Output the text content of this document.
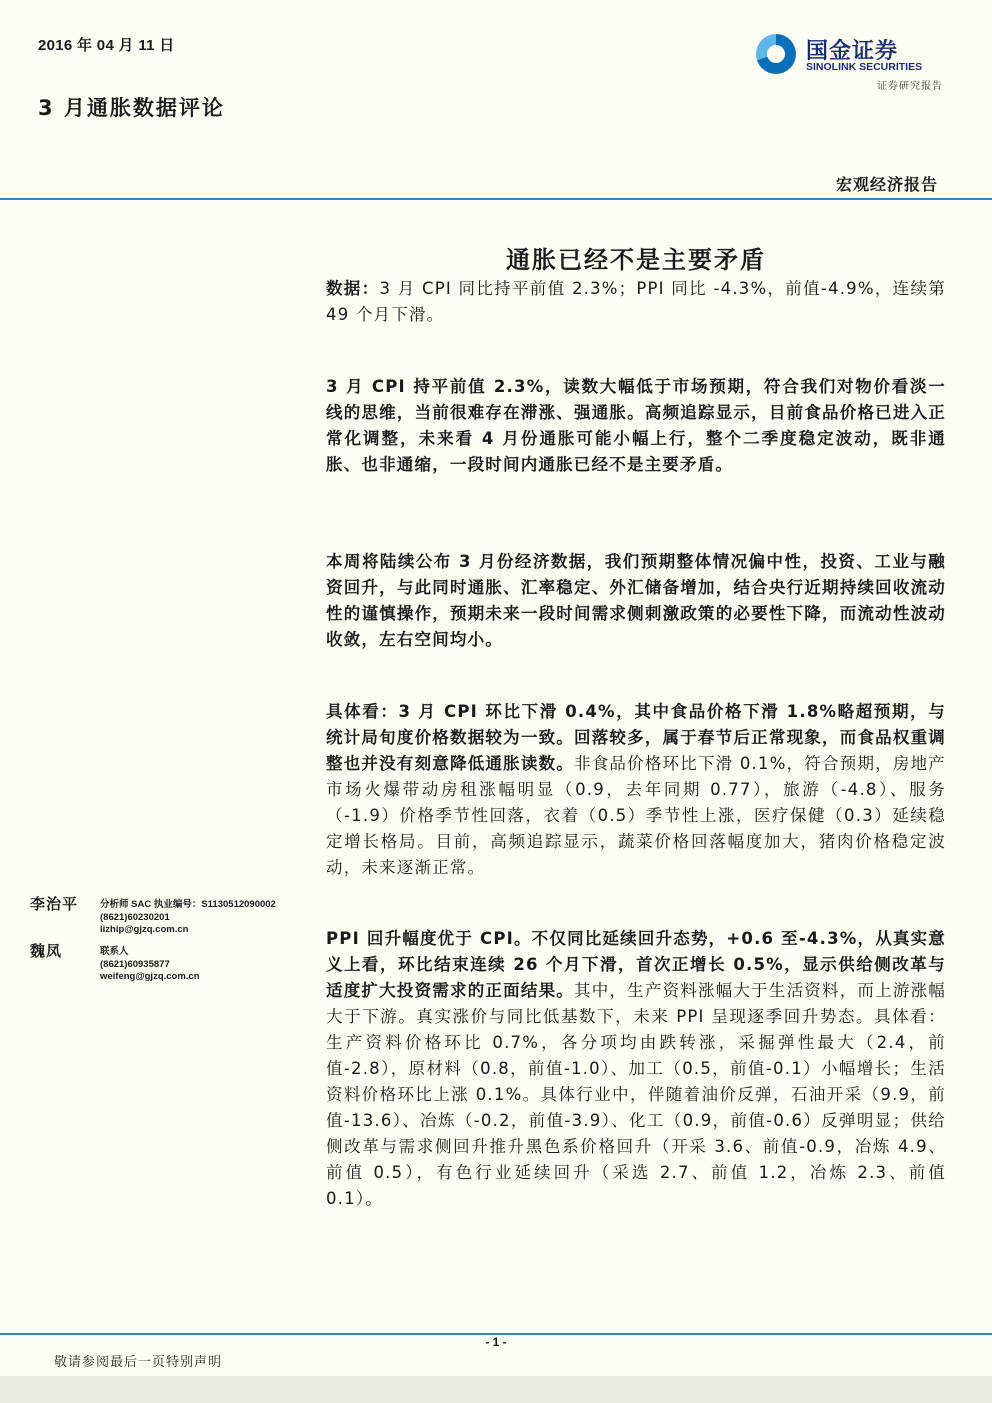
2016 年 04 月 11 日
3 月通胀数据评论
国金证券
SINOLINK SECURITIES
证券研究报告
宏观经济报告
通胀已经不是主要矛盾
数据：3 月 CPI 同比持平前值 2.3%；PPI 同比 -4.3%，前值-4.9%，连续第 49 个月下滑。
3 月 CPI 持平前值 2.3%，读数大幅低于市场预期，符合我们对物价看淡一线的思维，当前很难存在滞涨、强通胀。高频追踪显示，目前食品价格已进入正常化调整，未来看 4 月份通胀可能小幅上行，整个二季度稳定波动，既非通胀、也非通缩，一段时间内通胀已经不是主要矛盾。
本周将陆续公布 3 月份经济数据，我们预期整体情况偏中性，投资、工业与融资回升，与此同时通胀、汇率稳定、外汇储备增加，结合央行近期持续回收流动性的谨慎操作，预期未来一段时间需求侧刺激政策的必要性下降，而流动性波动收敛，左右空间均小。
具体看：3 月 CPI 环比下滑 0.4%，其中食品价格下滑 1.8%略超预期，与统计局旬度价格数据较为一致。回落较多，属于春节后正常现象，而食品权重调整也并没有刻意降低通胀读数。非食品价格环比下滑 0.1%，符合预期，房地产市场火爆带动房租涨幅明显（0.9，去年同期 0.77），旅游（-4.8）、服务（-1.9）价格季节性回落，衣着（0.5）季节性上涨，医疗保健（0.3）延续稳定增长格局。目前，高频追踪显示，蔬菜价格回落幅度加大，猪肉价格稳定波动，未来逐渐正常。
PPI 回升幅度优于 CPI。不仅同比延续回升态势，+0.6 至-4.3%，从真实意义上看，环比结束连续 26 个月下滑，首次正增长 0.5%，显示供给侧改革与适度扩大投资需求的正面结果。其中，生产资料涨幅大于生活资料，而上游涨幅大于下游。真实涨价与同比低基数下，未来 PPI 呈现逐季回升势态。具体看：生产资料价格环比 0.7%，各分项均由跌转涨，采掘弹性最大（2.4，前值-2.8），原材料（0.8，前值-1.0）、加工（0.5，前值-0.1）小幅增长；生活资料价格环比上涨 0.1%。具体行业中，伴随着油价反弹，石油开采（9.9，前值-13.6）、冶炼（-0.2，前值-3.9）、化工（0.9，前值-0.6）反弹明显；供给侧改革与需求侧回升推升黑色系价格回升（开采 3.6、前值-0.9，冶炼 4.9、前值 0.5），有色行业延续回升（采选 2.7、前值 1.2，冶炼 2.3、前值 0.1）。
李治平 分析师 SAC 执业编号：S1130512090002
(8621)60230201
lizhip@gjzq.com.cn
魏凤	联系人
(8621)60935877
weifeng@gjzq.com.cn
- 1 -
敬请参阅最后一页特别声明
